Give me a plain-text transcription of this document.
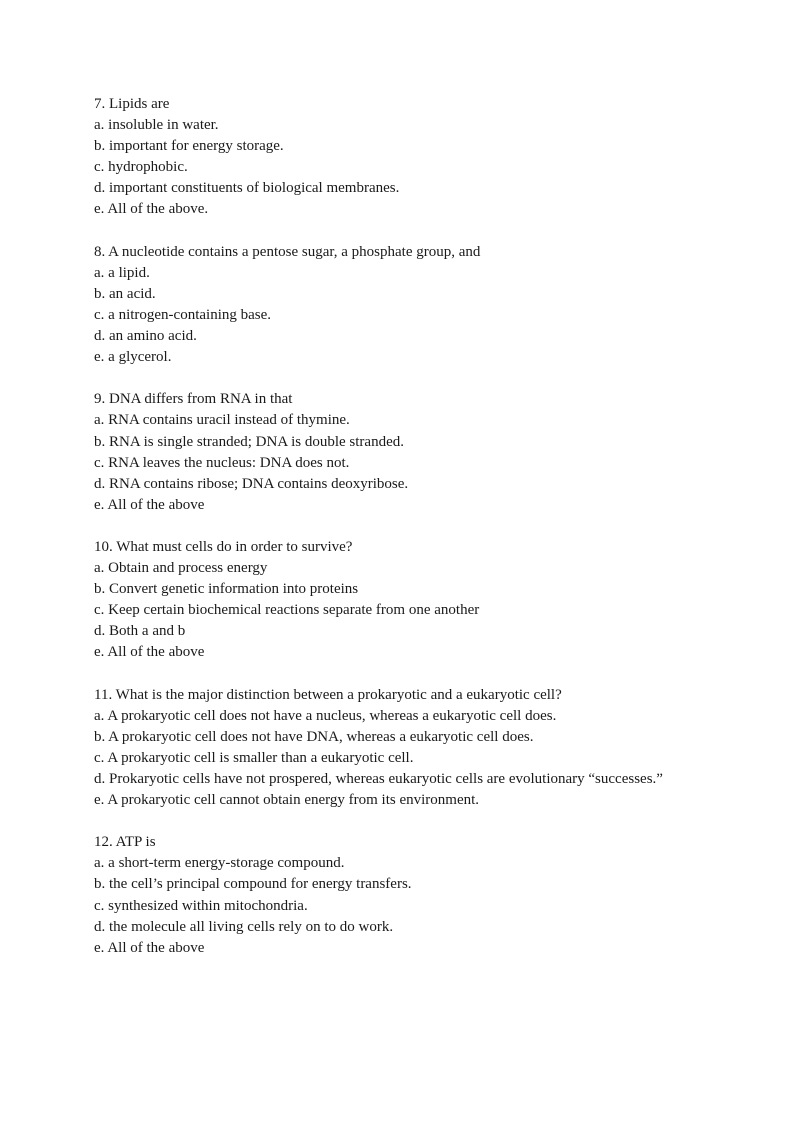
7. Lipids are
a. insoluble in water.
b. important for energy storage.
c. hydrophobic.
d. important constituents of biological membranes.
e. All of the above.
8. A nucleotide contains a pentose sugar, a phosphate group, and
a. a lipid.
b. an acid.
c. a nitrogen-containing base.
d. an amino acid.
e. a glycerol.
9. DNA differs from RNA in that
a. RNA contains uracil instead of thymine.
b. RNA is single stranded; DNA is double stranded.
c. RNA leaves the nucleus: DNA does not.
d. RNA contains ribose; DNA contains deoxyribose.
e. All of the above
10. What must cells do in order to survive?
a. Obtain and process energy
b. Convert genetic information into proteins
c. Keep certain biochemical reactions separate from one another
d. Both a and b
e. All of the above
11. What is the major distinction between a prokaryotic and a eukaryotic cell?
a. A prokaryotic cell does not have a nucleus, whereas a eukaryotic cell does.
b. A prokaryotic cell does not have DNA, whereas a eukaryotic cell does.
c. A prokaryotic cell is smaller than a eukaryotic cell.
d. Prokaryotic cells have not prospered, whereas eukaryotic cells are evolutionary “successes.”
e. A prokaryotic cell cannot obtain energy from its environment.
12. ATP is
a. a short-term energy-storage compound.
b. the cell’s principal compound for energy transfers.
c. synthesized within mitochondria.
d. the molecule all living cells rely on to do work.
e. All of the above
